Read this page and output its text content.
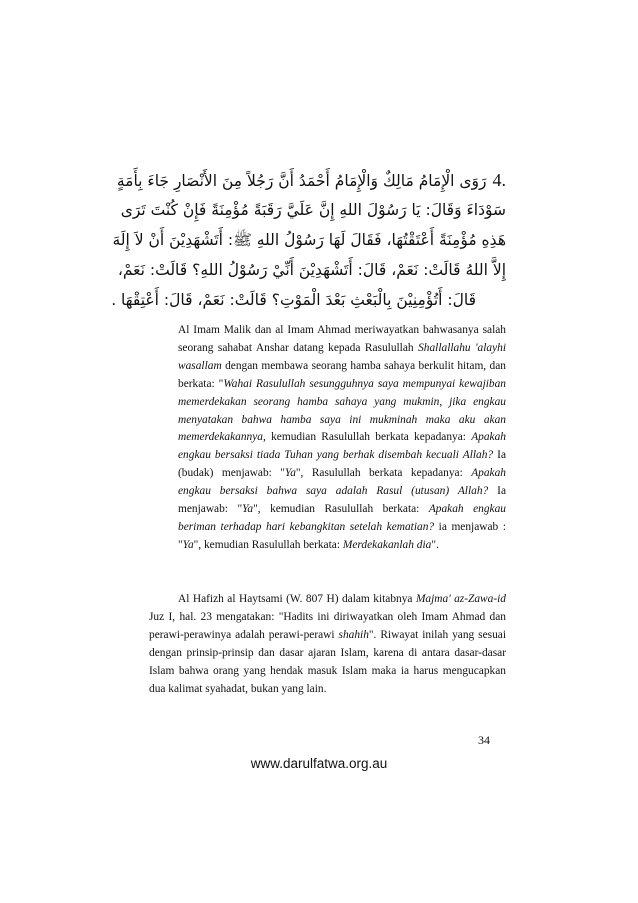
4.رَوَى الْإِمَامُ مَالِكٌ وَالْإِمَامُ أَحْمَدُ أَنَّ رَجُلاً مِنَ الأَنْصَارِ جَاءَ بِأَمَةٍ
سَوْدَاءَ وَقَالَ: يَا رَسُوْلَ اللهِ إِنَّ عَلَيَّ رَقَبَةً مُؤْمِنَةً فَإِنْ كُنْتَ تَرَى
هَذِهِ مُؤْمِنَةً أَعْتَقْتُهَا، فَقَالَ لَهَا رَسُوْلُ اللهِ ﷺ: أَتَشْهَدِيْنَ أَنْ لاَ إِلَهَ
إِلاَّ اللهُ قَالَتْ: نَعَمْ، قَالَ: أَتَشْهَدِيْنَ أَنِّيْ رَسُوْلُ اللهِ؟ قَالَتْ: نَعَمْ،
قَالَ: أَتُؤْمِنِيْنَ بِالْبَعْثِ بَعْدَ الْمَوْتِ؟ قَالَتْ: نَعَمْ، قَالَ: أَعْتِقْهَا .

Al Imam Malik dan al Imam Ahmad meriwayatkan bahwasanya salah seorang sahabat Anshar datang kepada Rasulullah Shallallahu 'alayhi wasallam dengan membawa seorang hamba sahaya berkulit hitam, dan berkata: "Wahai Rasulullah sesungguhnya saya mempunyai kewajiban memerdekakan seorang hamba sahaya yang mukmin, jika engkau menyatakan bahwa hamba saya ini mukminah maka aku akan memerdekakannya, kemudian Rasulullah berkata kepadanya: Apakah engkau bersaksi tiada Tuhan yang berhak disembah kecuali Allah? Ia (budak) menjawab: "Ya", Rasulullah berkata kepadanya: Apakah engkau bersaksi bahwa saya adalah Rasul (utusan) Allah? Ia menjawab: "Ya", kemudian Rasulullah berkata: Apakah engkau beriman terhadap hari kebangkitan setelah kematian? ia menjawab : "Ya", kemudian Rasulullah berkata: Merdekakanlah dia".

Al Hafizh al Haytsami (W. 807 H) dalam kitabnya Majma' az-Zawa-id Juz I, hal. 23 mengatakan: "Hadits ini diriwayatkan oleh Imam Ahmad dan perawi-perawinya adalah perawi-perawi shahih". Riwayat inilah yang sesuai dengan prinsip-prinsip dan dasar ajaran Islam, karena di antara dasar-dasar Islam bahwa orang yang hendak masuk Islam maka ia harus mengucapkan dua kalimat syahadat, bukan yang lain.

34
www.darulfatwa.org.au
